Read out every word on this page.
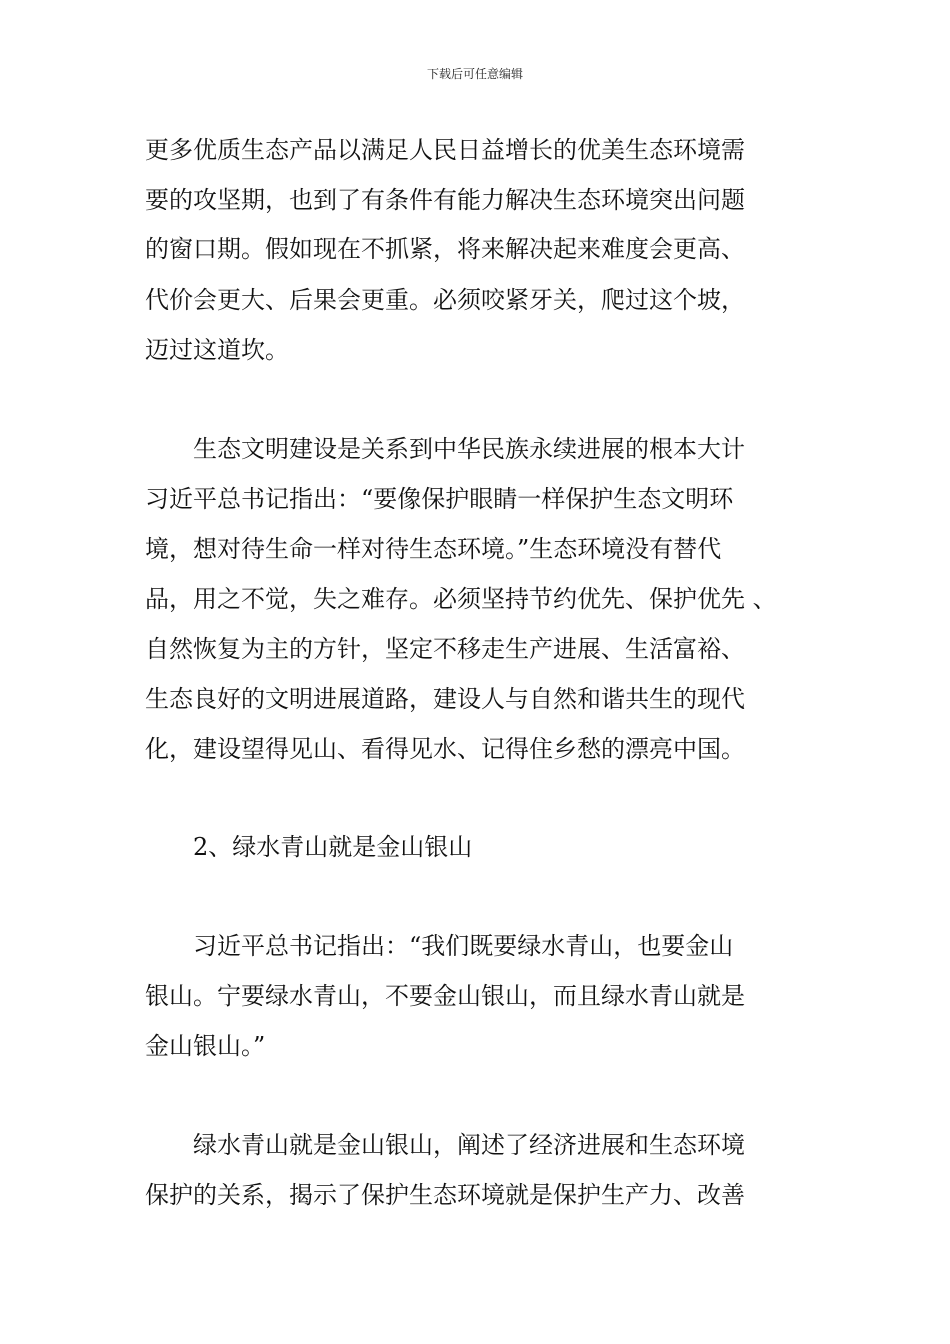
下载后可任意编辑
更多优质生态产品以满足人民日益增长的优美生态环境需
要的攻坚期，也到了有条件有能力解决生态环境突出问题
的窗口期。假如现在不抓紧，将来解决起来难度会更高、
代价会更大、后果会更重。必须咬紧牙关，爬过这个坡，
迈过这道坎。
生态文明建设是关系到中华民族永续进展的根本大计
习近平总书记指出：“要像保护眼睛一样保护生态文明环
境，想对待生命一样对待生态环境。”生态环境没有替代
品，用之不觉，失之难存。必须坚持节约优先、保护优先 、
自然恢复为主的方针，坚定不移走生产进展、生活富裕、
生态良好的文明进展道路，建设人与自然和谐共生的现代
化，建设望得见山、看得见水、记得住乡愁的漂亮中国。
2、绿水青山就是金山银山
习近平总书记指出：“我们既要绿水青山，也要金山
银山。宁要绿水青山，不要金山银山，而且绿水青山就是
金山银山。”
绿水青山就是金山银山，阐述了经济进展和生态环境
保护的关系，揭示了保护生态环境就是保护生产力、改善
